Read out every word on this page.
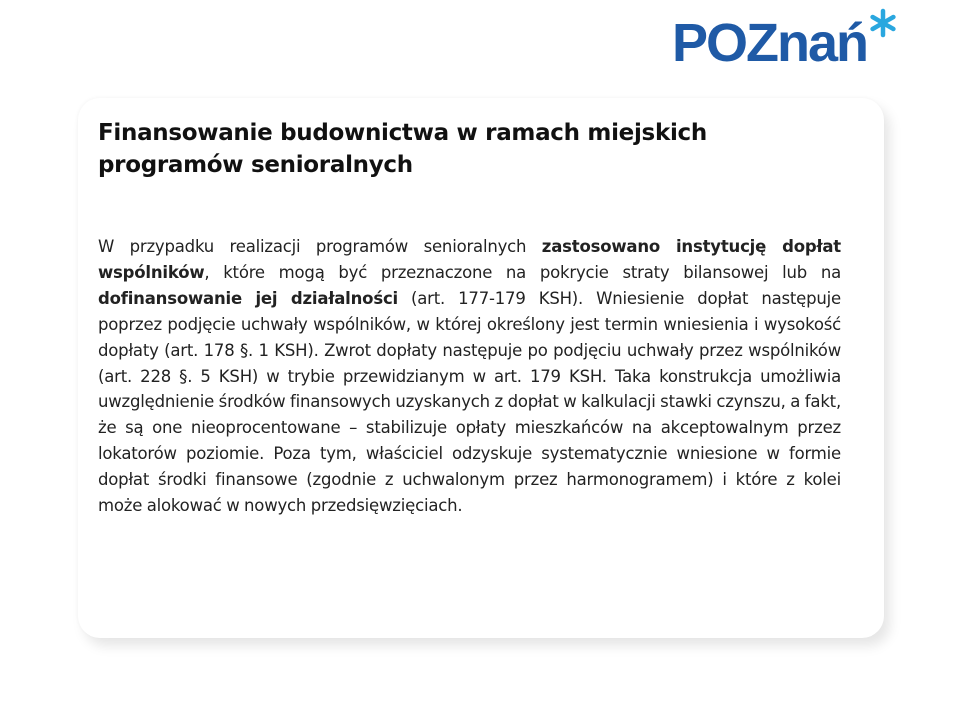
POZnań
Finansowanie budownictwa w ramach miejskich programów senioralnych

W przypadku realizacji programów senioralnych zastosowano instytucję dopłat wspólników, które mogą być przeznaczone na pokrycie straty bilansowej lub na dofinansowanie jej działalności (art. 177-179 KSH). Wniesienie dopłat następuje poprzez podjęcie uchwały wspólników, w której określony jest termin wniesienia i wysokość dopłaty (art. 178 §. 1 KSH). Zwrot dopłaty następuje po podjęciu uchwały przez wspólników (art. 228 §. 5 KSH) w trybie przewidzianym w art. 179 KSH. Taka konstrukcja umożliwia uwzględnienie środków finansowych uzyskanych z dopłat w kalkulacji stawki czynszu, a fakt, że są one nieoprocentowane – stabilizuje opłaty mieszkańców na akceptowalnym przez lokatorów poziomie. Poza tym, właściciel odzyskuje systematycznie wniesione w formie dopłat środki finansowe (zgodnie z uchwalonym przez harmonogramem) i które z kolei może alokować w nowych przedsięwzięciach.
